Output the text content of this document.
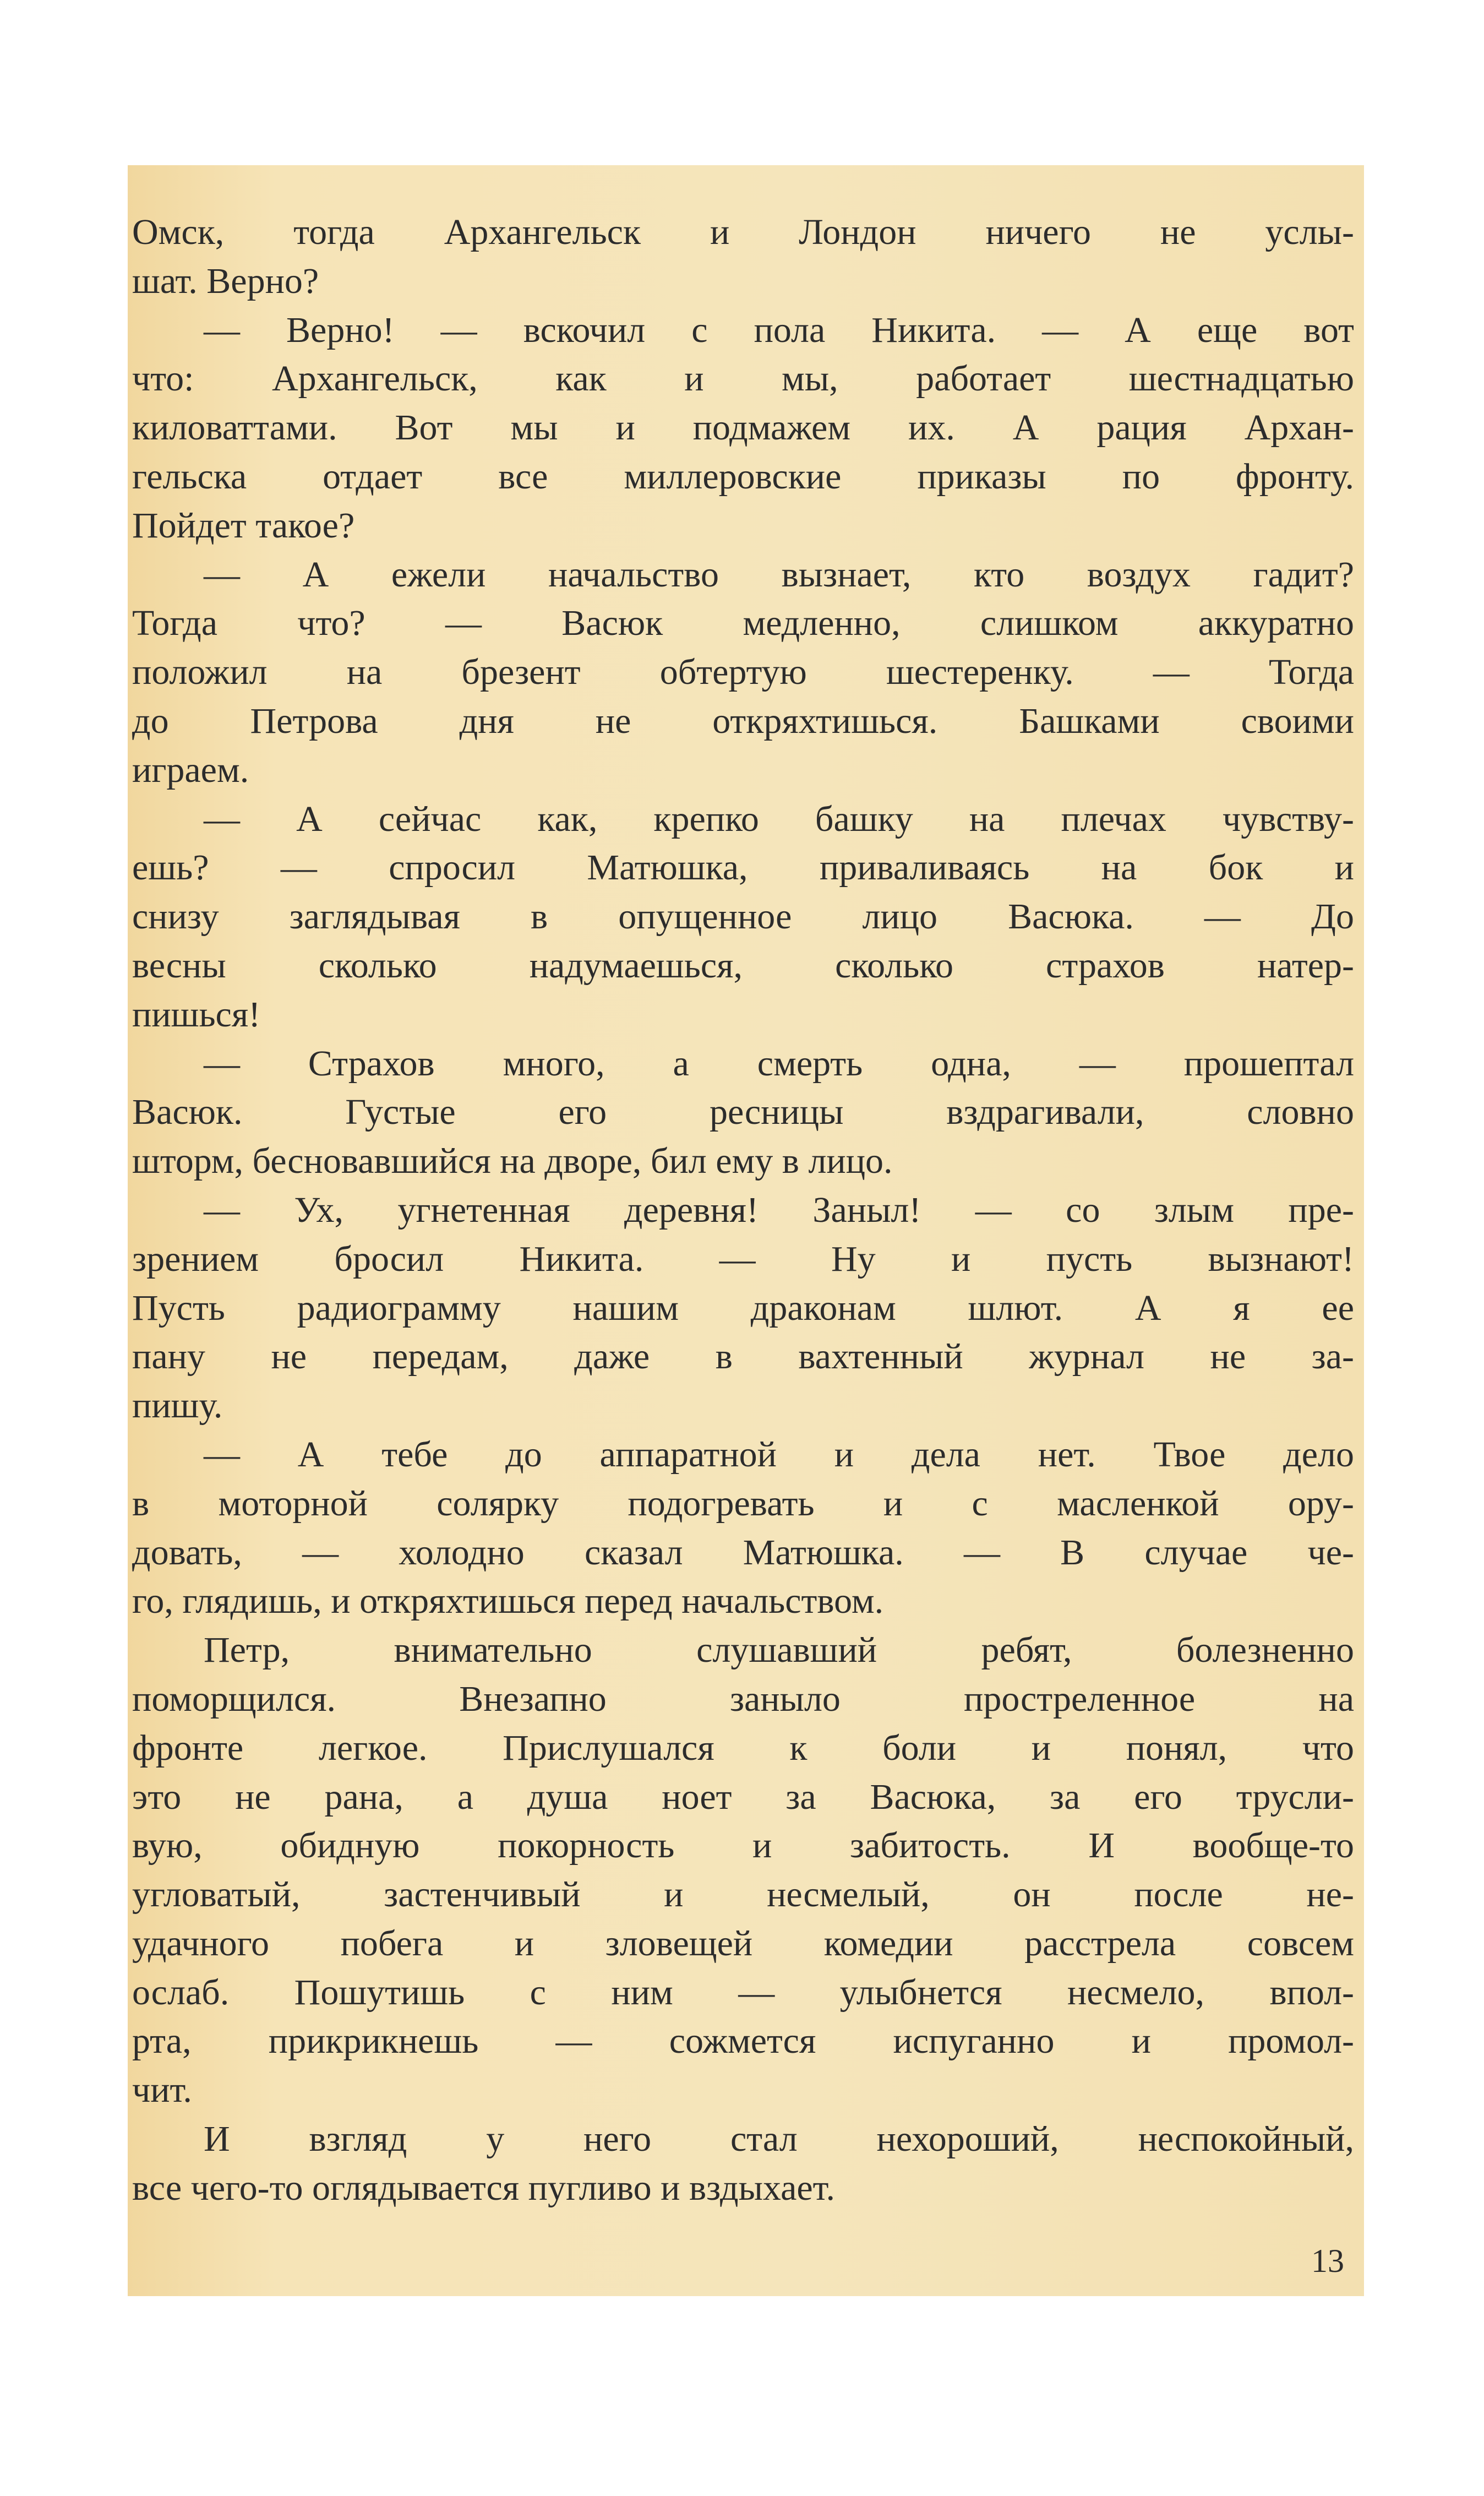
Омск, тогда Архангельск и Лондон ничего не услы-
шат. Верно?
— Верно! — вскочил с пола Никита. — А еще вот
что: Архангельск, как и мы, работает шестнадцатью
киловаттами. Вот мы и подмажем их. А рация Архан-
гельска отдает все миллеровские приказы по фронту.
Пойдет такое?
— А ежели начальство вызнает, кто воздух гадит?
Тогда что? — Васюк медленно, слишком аккуратно
положил на брезент обтертую шестеренку. — Тогда
до Петрова дня не откряхтишься. Башками своими
играем.
— А сейчас как, крепко башку на плечах чувству-
ешь? — спросил Матюшка, приваливаясь на бок и
снизу заглядывая в опущенное лицо Васюка. — До
весны сколько надумаешься, сколько страхов натер-
пишься!
— Страхов много, а смерть одна, — прошептал
Васюк. Густые его ресницы вздрагивали, словно
шторм, бесновавшийся на дворе, бил ему в лицо.
— Ух, угнетенная деревня! Заныл! — со злым пре-
зрением бросил Никита. — Ну и пусть вызнают!
Пусть радиограмму нашим драконам шлют. А я ее
пану не передам, даже в вахтенный журнал не за-
пишу.
— А тебе до аппаратной и дела нет. Твое дело
в моторной солярку подогревать и с масленкой ору-
довать, — холодно сказал Матюшка. — В случае че-
го, глядишь, и откряхтишься перед начальством.
Петр, внимательно слушавший ребят, болезненно
поморщился. Внезапно заныло простреленное на
фронте легкое. Прислушался к боли и понял, что
это не рана, а душа ноет за Васюка, за его трусли-
вую, обидную покорность и забитость. И вообще-то
угловатый, застенчивый и несмелый, он после не-
удачного побега и зловещей комедии расстрела совсем
ослаб. Пошутишь с ним — улыбнется несмело, впол-
рта, прикрикнешь — сожмется испуганно и промол-
чит.
И взгляд у него стал нехороший, неспокойный,
все чего-то оглядывается пугливо и вздыхает.
13
